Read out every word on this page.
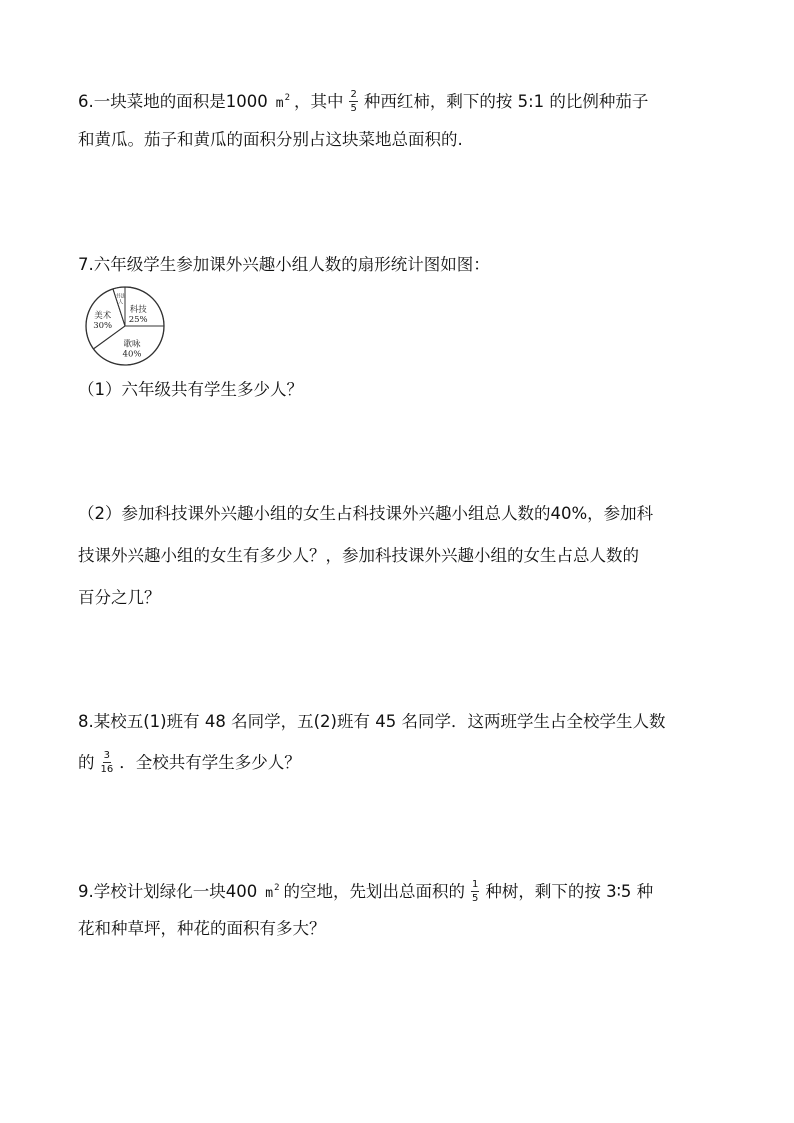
6.一块菜地的面积是1000 $m^2$ ，其中 $\frac{2}{5}$ 种西红柿，剩下的按 5:1 的比例种茄子
和黄瓜。茄子和黄瓜的面积分别占这块菜地总面积的.
7.六年级学生参加课外兴趣小组人数的扇形统计图如图：
科技
25%
歌咏
40%
美术
30%
书法
人
（1）六年级共有学生多少人？
（2）参加科技课外兴趣小组的女生占科技课外兴趣小组总人数的40%，参加科
技课外兴趣小组的女生有多少人？，参加科技课外兴趣小组的女生占总人数的
百分之几？
8.某校五(1)班有 48 名同学，五(2)班有 45 名同学．这两班学生占全校学生人数
的 $\frac{3}{16}$ ．全校共有学生多少人？
9.学校计划绿化一块400 $m^2$ 的空地，先划出总面积的 $\frac{1}{5}$ 种树，剩下的按 3∶5 种
花和种草坪，种花的面积有多大？
